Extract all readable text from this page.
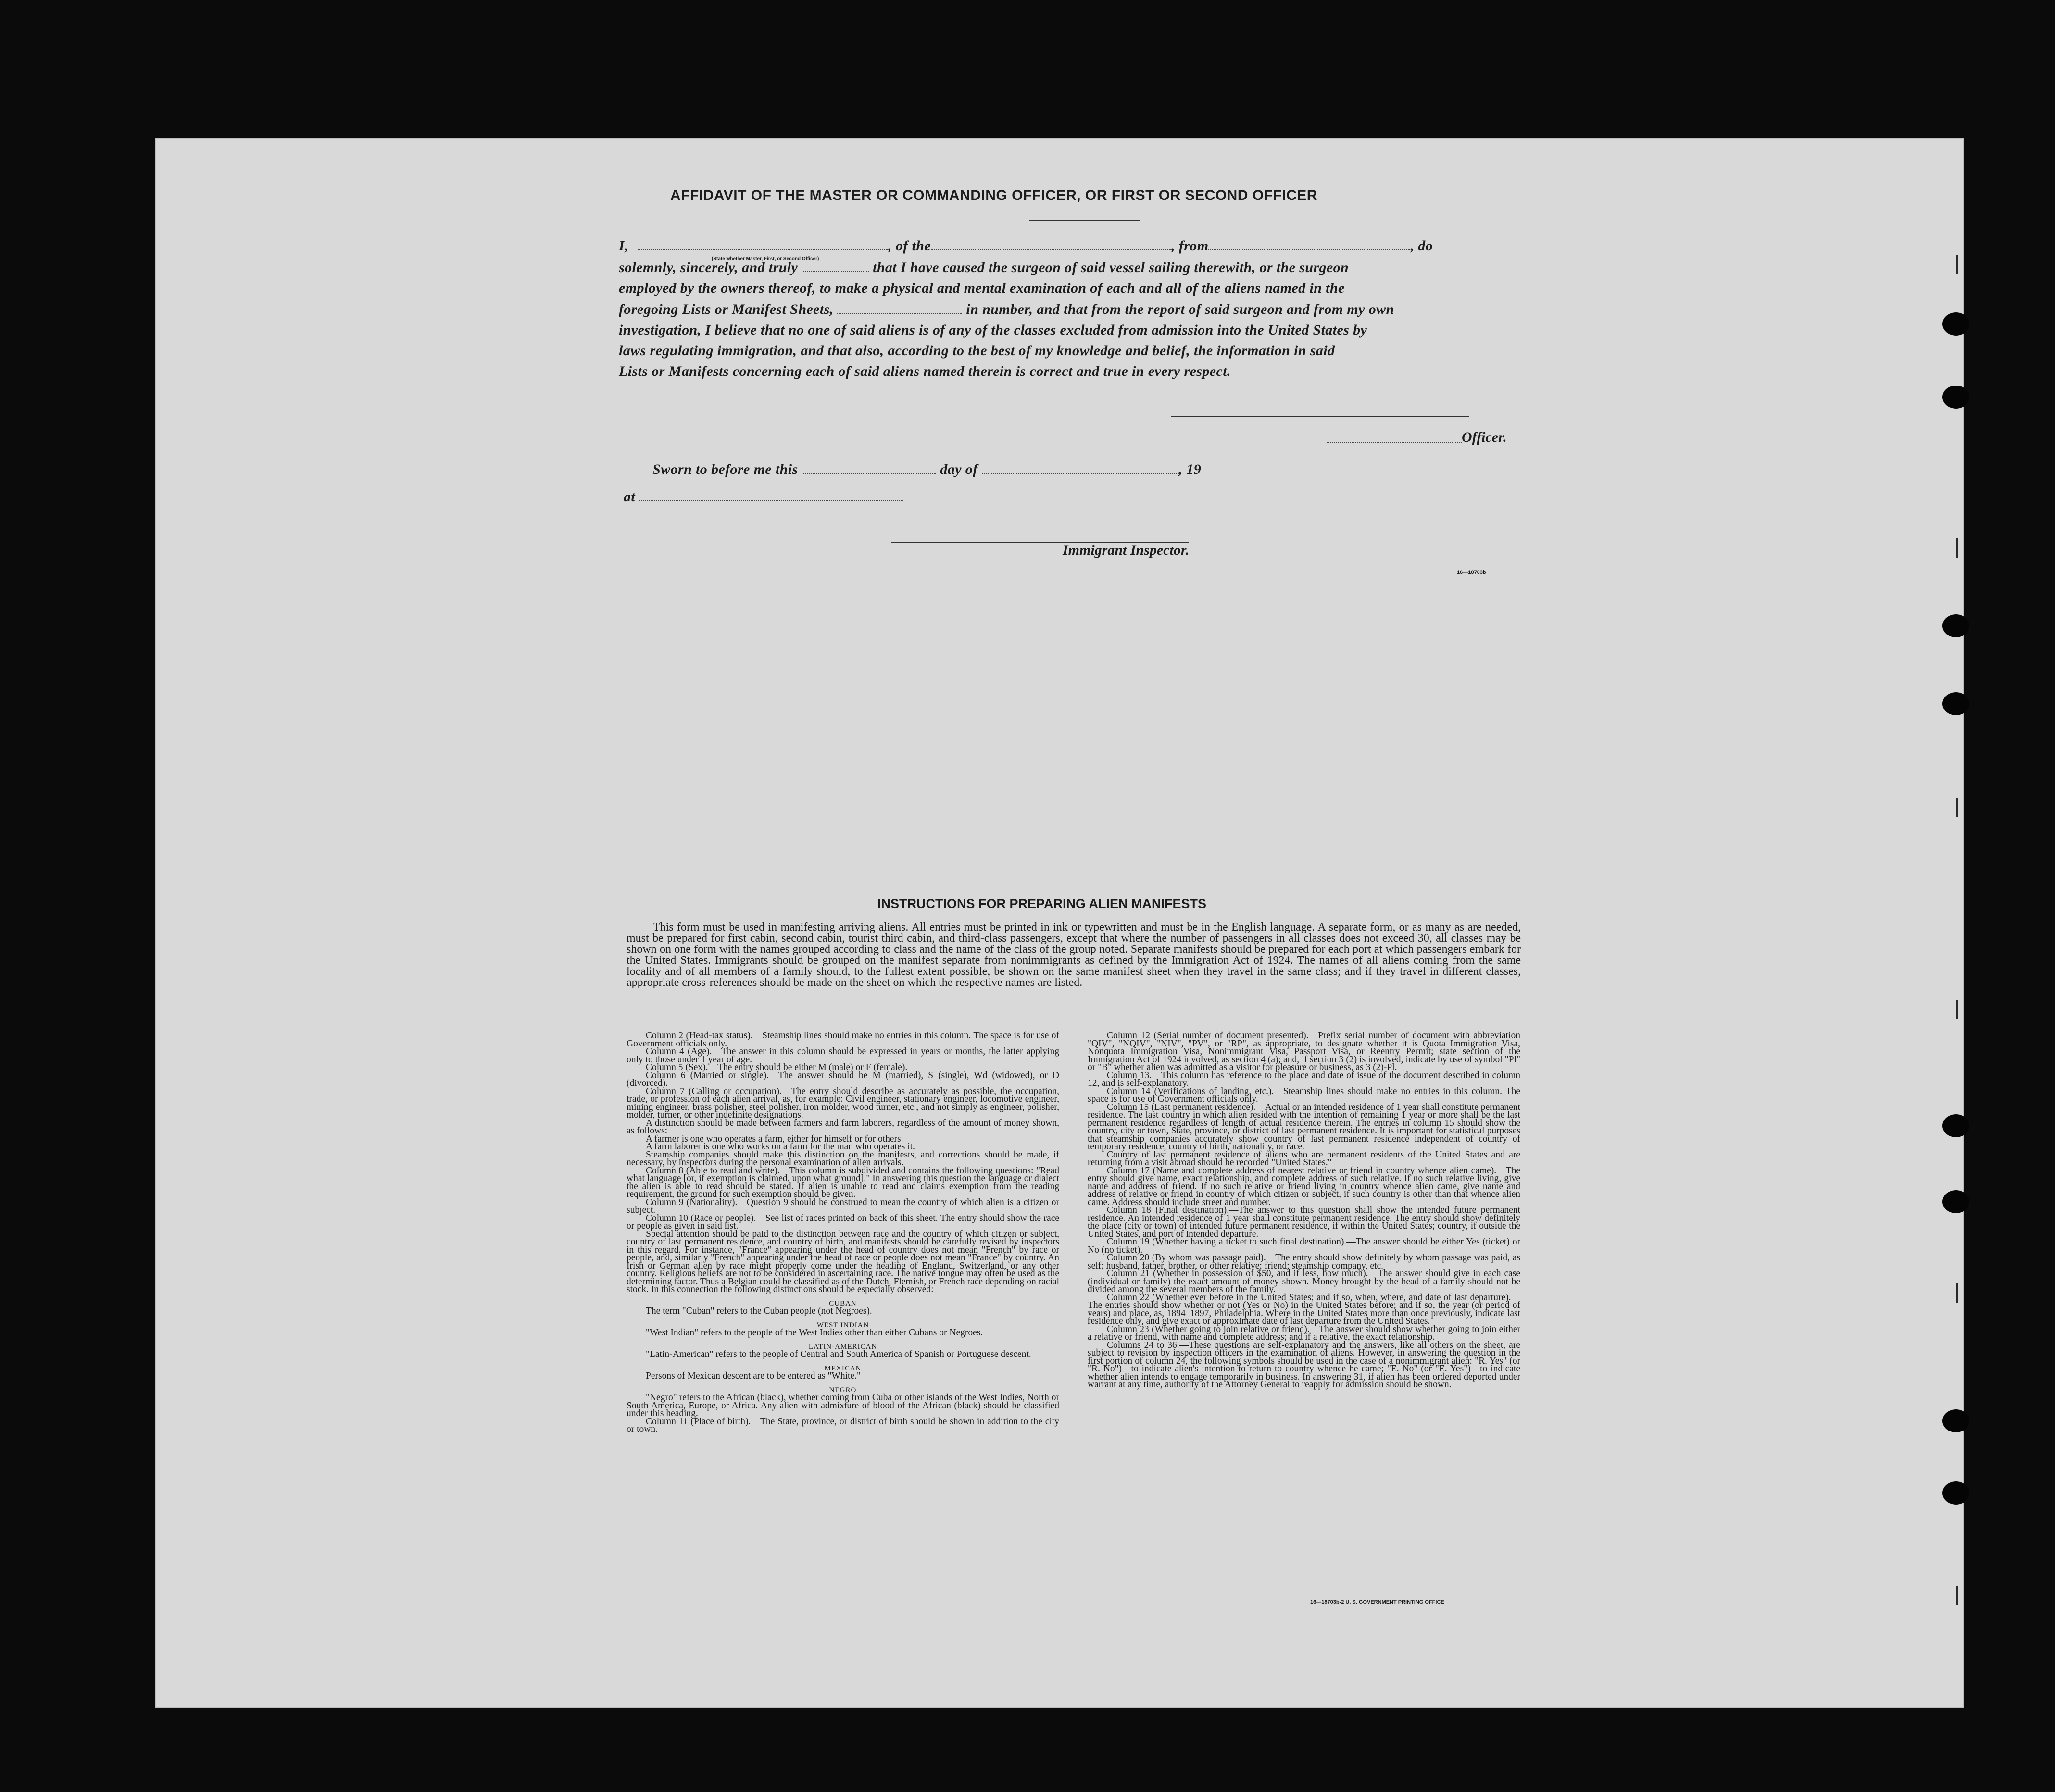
AFFIDAVIT OF THE MASTER OR COMMANDING OFFICER, OR FIRST OR SECOND OFFICER
I,	, of the	, from	, do
(State whether Master, First, or Second Officer)
solemnly, sincerely, and truly	that I have caused the surgeon of said vessel sailing therewith, or the surgeon
employed by the owners thereof, to make a physical and mental examination of each and all of the aliens named in the
foregoing Lists or Manifest Sheets,	in number, and that from the report of said surgeon and from my own
investigation, I believe that no one of said aliens is of any of the classes excluded from admission into the United States by
laws regulating immigration, and that also, according to the best of my knowledge and belief, the information in said
Lists or Manifests concerning each of said aliens named therein is correct and true in every respect.
Officer.
Sworn to before me this	day of	, 19
at
Immigrant Inspector.
16—18703b
INSTRUCTIONS FOR PREPARING ALIEN MANIFESTS
This form must be used in manifesting arriving aliens. All entries must be printed in ink or typewritten and must be in the English language. A separate form, or as many as are needed, must be prepared for first cabin, second cabin, tourist third cabin, and third-class passengers, except that where the number of passengers in all classes does not exceed 30, all classes may be shown on one form with the names grouped according to class and the name of the class of the group noted. Separate manifests should be prepared for each port at which passengers embark for the United States. Immigrants should be grouped on the manifest separate from nonimmigrants as defined by the Immigration Act of 1924. The names of all aliens coming from the same locality and of all members of a family should, to the fullest extent possible, be shown on the same manifest sheet when they travel in the same class; and if they travel in different classes, appropriate cross-references should be made on the sheet on which the respective names are listed.

Column 2 (Head-tax status).—Steamship lines should make no entries in this column. The space is for use of Government officials only.

Column 4 (Age).—The answer in this column should be expressed in years or months, the latter applying only to those under 1 year of age.

Column 5 (Sex).—The entry should be either M (male) or F (female).

Column 6 (Married or single).—The answer should be M (married), S (single), Wd (widowed), or D (divorced).

Column 7 (Calling or occupation).—The entry should describe as accurately as possible, the occupation, trade, or profession of each alien arrival, as, for example: Civil engineer, stationary engineer, locomotive engineer, mining engineer, brass polisher, steel polisher, iron molder, wood turner, etc., and not simply as engineer, polisher, molder, turner, or other indefinite designations.

A distinction should be made between farmers and farm laborers, regardless of the amount of money shown, as follows:

A farmer is one who operates a farm, either for himself or for others.

A farm laborer is one who works on a farm for the man who operates it.

Steamship companies should make this distinction on the manifests, and corrections should be made, if necessary, by inspectors during the personal examination of alien arrivals.

Column 8 (Able to read and write).—This column is subdivided and contains the following questions: "Read what language [or, if exemption is claimed, upon what ground]." In answering this question the language or dialect the alien is able to read should be stated. If alien is unable to read and claims exemption from the reading requirement, the ground for such exemption should be given.

Column 9 (Nationality).—Question 9 should be construed to mean the country of which alien is a citizen or subject.

Column 10 (Race or people).—See list of races printed on back of this sheet. The entry should show the race or people as given in said list.

Special attention should be paid to the distinction between race and the country of which citizen or subject, country of last permanent residence, and country of birth, and manifests should be carefully revised by inspectors in this regard. For instance, "France" appearing under the head of country does not mean "French" by race or people, and, similarly "French" appearing under the head of race or people does not mean "France" by country. An Irish or German alien by race might properly come under the heading of England, Switzerland, or any other country. Religious beliefs are not to be considered in ascertaining race. The native tongue may often be used as the determining factor. Thus a Belgian could be classified as of the Dutch, Flemish, or French race depending on racial stock. In this connection the following distinctions should be especially observed:

CUBAN

The term "Cuban" refers to the Cuban people (not Negroes).

WEST INDIAN

"West Indian" refers to the people of the West Indies other than either Cubans or Negroes.

LATIN-AMERICAN

"Latin-American" refers to the people of Central and South America of Spanish or Portuguese descent.

MEXICAN

Persons of Mexican descent are to be entered as "White."

NEGRO

"Negro" refers to the African (black), whether coming from Cuba or other islands of the West Indies, North or South America, Europe, or Africa. Any alien with admixture of blood of the African (black) should be classified under this heading.

Column 11 (Place of birth).—The State, province, or district of birth should be shown in addition to the city or town.

Column 12 (Serial number of document presented).—Prefix serial number of document with abbreviation "QIV", "NQIV", "NIV", "PV", or "RP", as appropriate, to designate whether it is Quota Immigration Visa, Nonquota Immigration Visa, Nonimmigrant Visa, Passport Visa, or Reentry Permit; state section of the Immigration Act of 1924 involved, as section 4 (a); and, if section 3 (2) is involved, indicate by use of symbol "Pl" or "B" whether alien was admitted as a visitor for pleasure or business, as 3 (2)-Pl.

Column 13.—This column has reference to the place and date of issue of the document described in column 12, and is self-explanatory.

Column 14 (Verifications of landing, etc.).—Steamship lines should make no entries in this column. The space is for use of Government officials only.

Column 15 (Last permanent residence).—Actual or an intended residence of 1 year shall constitute permanent residence. The last country in which alien resided with the intention of remaining 1 year or more shall be the last permanent residence regardless of length of actual residence therein. The entries in column 15 should show the country, city or town, State, province, or district of last permanent residence. It is important for statistical purposes that steamship companies accurately show country of last permanent residence independent of country of temporary residence, country of birth, nationality, or race.

Country of last permanent residence of aliens who are permanent residents of the United States and are returning from a visit abroad should be recorded "United States."

Column 17 (Name and complete address of nearest relative or friend in country whence alien came).—The entry should give name, exact relationship, and complete address of such relative. If no such relative living, give name and address of friend. If no such relative or friend living in country whence alien came, give name and address of relative or friend in country of which citizen or subject, if such country is other than that whence alien came. Address should include street and number.

Column 18 (Final destination).—The answer to this question shall show the intended future permanent residence. An intended residence of 1 year shall constitute permanent residence. The entry should show definitely the place (city or town) of intended future permanent residence, if within the United States; country, if outside the United States, and port of intended departure.

Column 19 (Whether having a ticket to such final destination).—The answer should be either Yes (ticket) or No (no ticket).

Column 20 (By whom was passage paid).—The entry should show definitely by whom passage was paid, as self; husband, father, brother, or other relative; friend; steamship company, etc.

Column 21 (Whether in possession of $50, and if less, how much).—The answer should give in each case (individual or family) the exact amount of money shown. Money brought by the head of a family should not be divided among the several members of the family.

Column 22 (Whether ever before in the United States; and if so, when, where, and date of last departure).—The entries should show whether or not (Yes or No) in the United States before; and if so, the year (or period of years) and place, as, 1894–1897, Philadelphia. Where in the United States more than once previously, indicate last residence only, and give exact or approximate date of last departure from the United States.

Column 23 (Whether going to join relative or friend).—The answer should show whether going to join either a relative or friend, with name and complete address; and if a relative, the exact relationship.

Columns 24 to 36.—These questions are self-explanatory and the answers, like all others on the sheet, are subject to revision by inspection officers in the examination of aliens. However, in answering the question in the first portion of column 24, the following symbols should be used in the case of a nonimmigrant alien: "R. Yes" (or "R. No")—to indicate alien's intention to return to country whence he came; "E. No" (or "E. Yes")—to indicate whether alien intends to engage temporarily in business. In answering 31, if alien has been ordered deported under warrant at any time, authority of the Attorney General to reapply for admission should be shown.

16—18703b-2 U. S. GOVERNMENT PRINTING OFFICE
